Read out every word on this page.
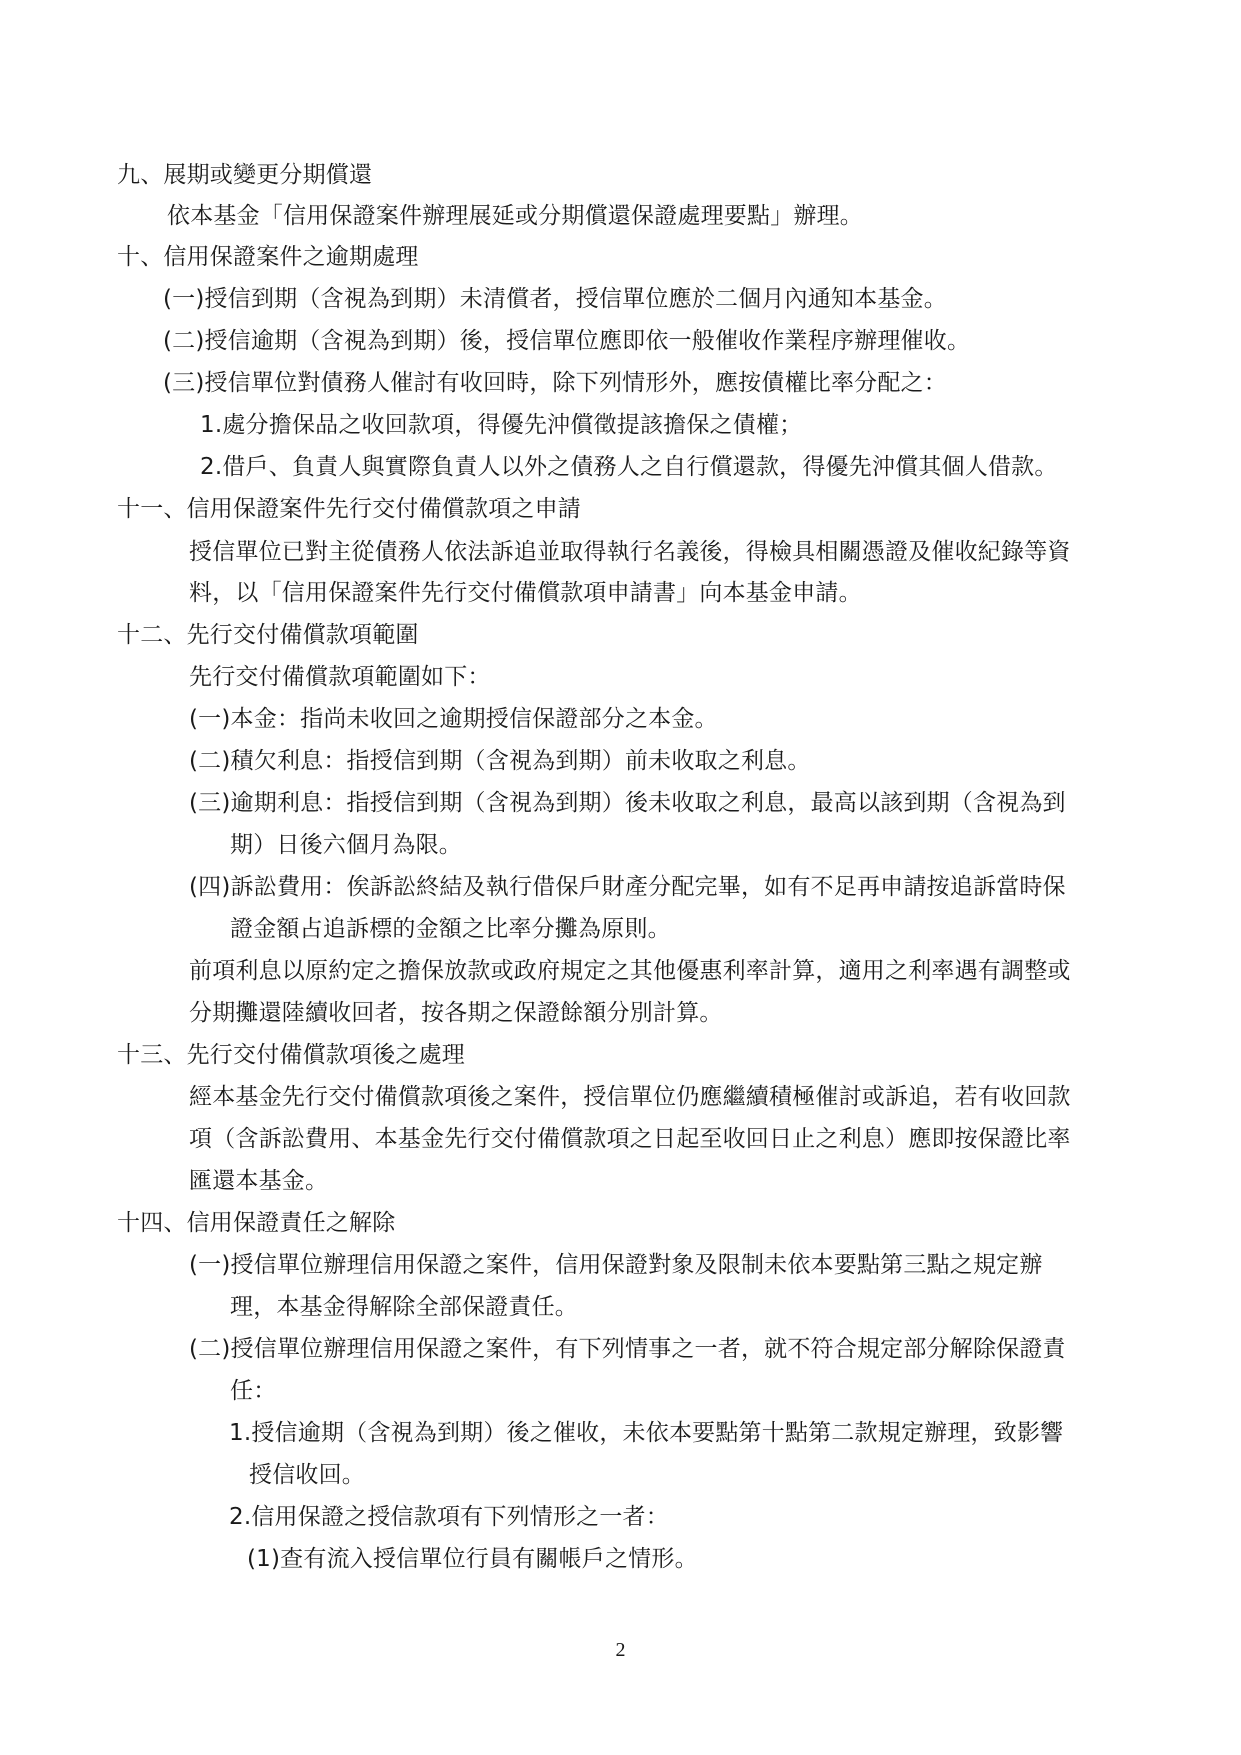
九、展期或變更分期償還
依本基金「信用保證案件辦理展延或分期償還保證處理要點」辦理。
十、信用保證案件之逾期處理
(一)授信到期（含視為到期）未清償者，授信單位應於二個月內通知本基金。
(二)授信逾期（含視為到期）後，授信單位應即依一般催收作業程序辦理催收。
(三)授信單位對債務人催討有收回時，除下列情形外，應按債權比率分配之：
1.處分擔保品之收回款項，得優先沖償徵提該擔保之債權；
2.借戶、負責人與實際負責人以外之債務人之自行償還款，得優先沖償其個人借款。
十一、信用保證案件先行交付備償款項之申請
授信單位已對主從債務人依法訴追並取得執行名義後，得檢具相關憑證及催收紀錄等資
料，以「信用保證案件先行交付備償款項申請書」向本基金申請。
十二、先行交付備償款項範圍
先行交付備償款項範圍如下：
(一)本金：指尚未收回之逾期授信保證部分之本金。
(二)積欠利息：指授信到期（含視為到期）前未收取之利息。
(三)逾期利息：指授信到期（含視為到期）後未收取之利息，最高以該到期（含視為到
期）日後六個月為限。
(四)訴訟費用：俟訴訟終結及執行借保戶財產分配完畢，如有不足再申請按追訴當時保
證金額占追訴標的金額之比率分攤為原則。
前項利息以原約定之擔保放款或政府規定之其他優惠利率計算，適用之利率遇有調整或
分期攤還陸續收回者，按各期之保證餘額分別計算。
十三、先行交付備償款項後之處理
經本基金先行交付備償款項後之案件，授信單位仍應繼續積極催討或訴追，若有收回款
項（含訴訟費用、本基金先行交付備償款項之日起至收回日止之利息）應即按保證比率
匯還本基金。
十四、信用保證責任之解除
(一)授信單位辦理信用保證之案件，信用保證對象及限制未依本要點第三點之規定辦
理，本基金得解除全部保證責任。
(二)授信單位辦理信用保證之案件，有下列情事之一者，就不符合規定部分解除保證責
任：
1.授信逾期（含視為到期）後之催收，未依本要點第十點第二款規定辦理，致影響
授信收回。
2.信用保證之授信款項有下列情形之一者：
(1)查有流入授信單位行員有關帳戶之情形。
2
